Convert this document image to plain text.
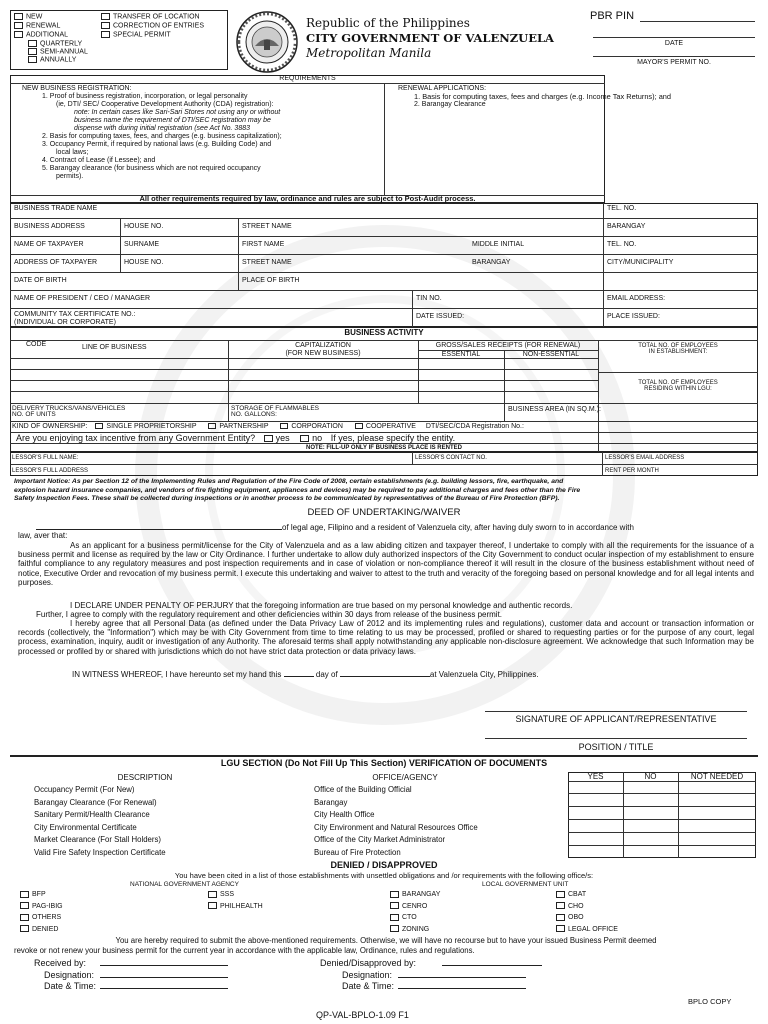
NEW
RENEWAL
ADDITIONAL
QUARTERLY
SEMI-ANNUAL
ANNUALLY
TRANSFER OF LOCATION
CORRECTION OF ENTRIES
SPECIAL PERMIT
Republic of the Philippines
CITY GOVERNMENT OF VALENZUELA
Metropolitan Manila
PBR PIN
DATE
MAYOR'S PERMIT NO.
REQUIREMENTS
NEW BUSINESS REGISTRATION:
1. Proof of business registration, incorporation, or legal personality
(ie, DTI/ SEC/ Cooperative Development Authority (CDA) registration):
note: In certain cases like Sari-Sari Stores not using any or without
business name the requirement of DTI/SEC registration may be
dispense with during initial registration (see Act No. 3883
2. Basis for computing taxes, fees, and charges (e.g. business capitalization);
3. Occupancy Permit, if required by national laws (e.g. Building Code) and
local laws;
4. Contract of Lease (if Lessee); and
5. Barangay clearance (for business which are not required occupancy
permits).
RENEWAL APPLICATIONS:
1. Basis for computing taxes, fees and charges (e.g. Income Tax Returns); and
2. Barangay Clearance
All other requirements required by law, ordinance and rules are subject to Post-Audit process.
BUSINESS TRADE NAME	TEL. NO.
BUSINESS ADDRESS	HOUSE NO.	STREET NAME	BARANGAY
NAME OF TAXPAYER	SURNAME	FIRST NAME	MIDDLE INITIAL	TEL. NO.
ADDRESS OF TAXPAYER	HOUSE NO.	STREET NAME	BARANGAY	CITY/MUNICIPALITY
DATE OF BIRTH	PLACE OF BIRTH
NAME OF PRESIDENT / CEO / MANAGER	TIN NO.	EMAIL ADDRESS:
COMMUNITY TAX CERTIFICATE NO.:
(INDIVIDUAL OR CORPORATE)
DATE ISSUED:	PLACE ISSUED:
BUSINESS ACTIVITY
CODE	LINE OF BUSINESS	CAPITALIZATION
(FOR NEW BUSINESS)
GROSS/SALES RECEIPTS (FOR RENEWAL)
ESSENTIAL	NON-ESSENTIAL
TOTAL NO. OF EMPLOYEES
IN ESTABLISHMENT:
TOTAL NO. OF EMPLOYEES
RESIDING WITHIN LGU:
DELIVERY TRUCKS/VANS/VEHICLES
NO. OF UNITS
STORAGE OF FLAMMABLES
NO. GALLONS:
BUSINESS AREA (IN SQ.M.):
KIND OF OWNERSHIP:	SINGLE PROPRIETORSHIP	PARTNERSHIP	CORPORATION	COOPERATIVE DTI/SEC/CDA Registration No.:
Are you enjoying tax incentive from any Government Entity? yes	no If yes, please specify the entity.
NOTE: FILL-UP ONLY IF BUSINESS PLACE IS RENTED
LESSOR'S FULL NAME:	LESSOR'S CONTACT NO.	LESSOR'S EMAIL ADDRESS
LESSOR'S FULL ADDRESS	RENT PER MONTH
Important Notice: As per Section 12 of the Implementing Rules and Regulation of the Fire Code of 2008, certain establishments (e.g. building lessors, fire, earthquake, and
explosion hazard insurance companies, and vendors of fire fighting equipment, appliances and devices) may be required to pay additional charges and fees other than the Fire
Safety Inspection Fees. These shall be collected during inspections or in another process to be communicated by representatives of the Bureau of Fire Protection (BFP).
DEED OF UNDERTAKING/WAIVER
of legal age, Filipino and a resident of Valenzuela city, after having duly sworn to in accordance with
law, aver that:
As an applicant for a business permit/license for the City of Valenzuela and as a law abiding citizen and taxpayer thereof, I undertake to comply with all the requirements for the issuance of a business permit and license as required by the law or City Ordinance. I further undertake to allow duly authorized inspectors of the City Government to conduct ocular inspection of my establishment to ensure faithful compliance to any regulatory measures and post inspection requirements and in case of violation or non-compliance thereof it will result in the closure of the business establishment without need of notice, Executive Order and revocation of my business permit. I execute this undertaking and waiver to attest to the truth and veracity of the foregoing based on personal knowledge and for all legal intents and purposes.
I DECLARE UNDER PENALTY OF PERJURY that the foregoing information are true based on my personal knowledge and authentic records.
Further, I agree to comply with the regulatory requirement and other deficiencies within 30 days from release of the business permit.
I hereby agree that all Personal Data (as defined under the Data Privacy Law of 2012 and its implementing rules and regulations), customer data and account or transaction information or records (collectively, the "Information") which may be with City Government from time to time relating to us may be processed, profiled or shared to requesting parties or for the purpose of any court, legal process, examination, inquiry, audit or investigation of any Authority. The aforesaid terms shall apply notwithstanding any applicable non-disclosure agreement. We acknowledge that such Information may be processed or profiled by or shared with jurisdictions which do not have strict data protection or data privacy laws.
IN WITNESS WHEREOF, I have hereunto set my hand this	day of	at Valenzuela City, Philippines.
SIGNATURE OF APPLICANT/REPRESENTATIVE
POSITION / TITLE
LGU SECTION (Do Not Fill Up This Section) VERIFICATION OF DOCUMENTS
DESCRIPTION	OFFICE/AGENCY	YES	NO	NOT NEEDED
Occupancy Permit (For New)	Office of the Building Official
Barangay Clearance (For Renewal)	Barangay
Sanitary Permit/Health Clearance	City Health Office
City Environmental Certificate	City Environment and Natural Resources Office
Market Clearance (For Stall Holders)	Office of the City Market Administrator
Valid Fire Safety Inspection Certificate	Bureau of Fire Protection
DENIED / DISAPPROVED
You have been cited in a list of those establishments with unsettled obligations and /or requirements with the following office/s:
NATIONAL GOVERNMENT AGENCY	LOCAL GOVERNMENT UNIT
BFP
PAG-IBIG
OTHERS
DENIED
SSS
PHILHEALTH
BARANGAY
CENRO
CTO
ZONING
CBAT
CHO
OBO
LEGAL OFFICE
You are hereby required to submit the above-mentioned requirements. Otherwise, we will have no recourse but to have your issued Business Permit deemed
revoke or not renew your business permit for the current year in accordance with the applicable law, Ordinance, rules and regulations.
Received by:
Designation:
Date & Time:
Denied/Disapproved by:
Designation:
Date & Time:
BPLO COPY
QP-VAL-BPLO-1.09 F1
